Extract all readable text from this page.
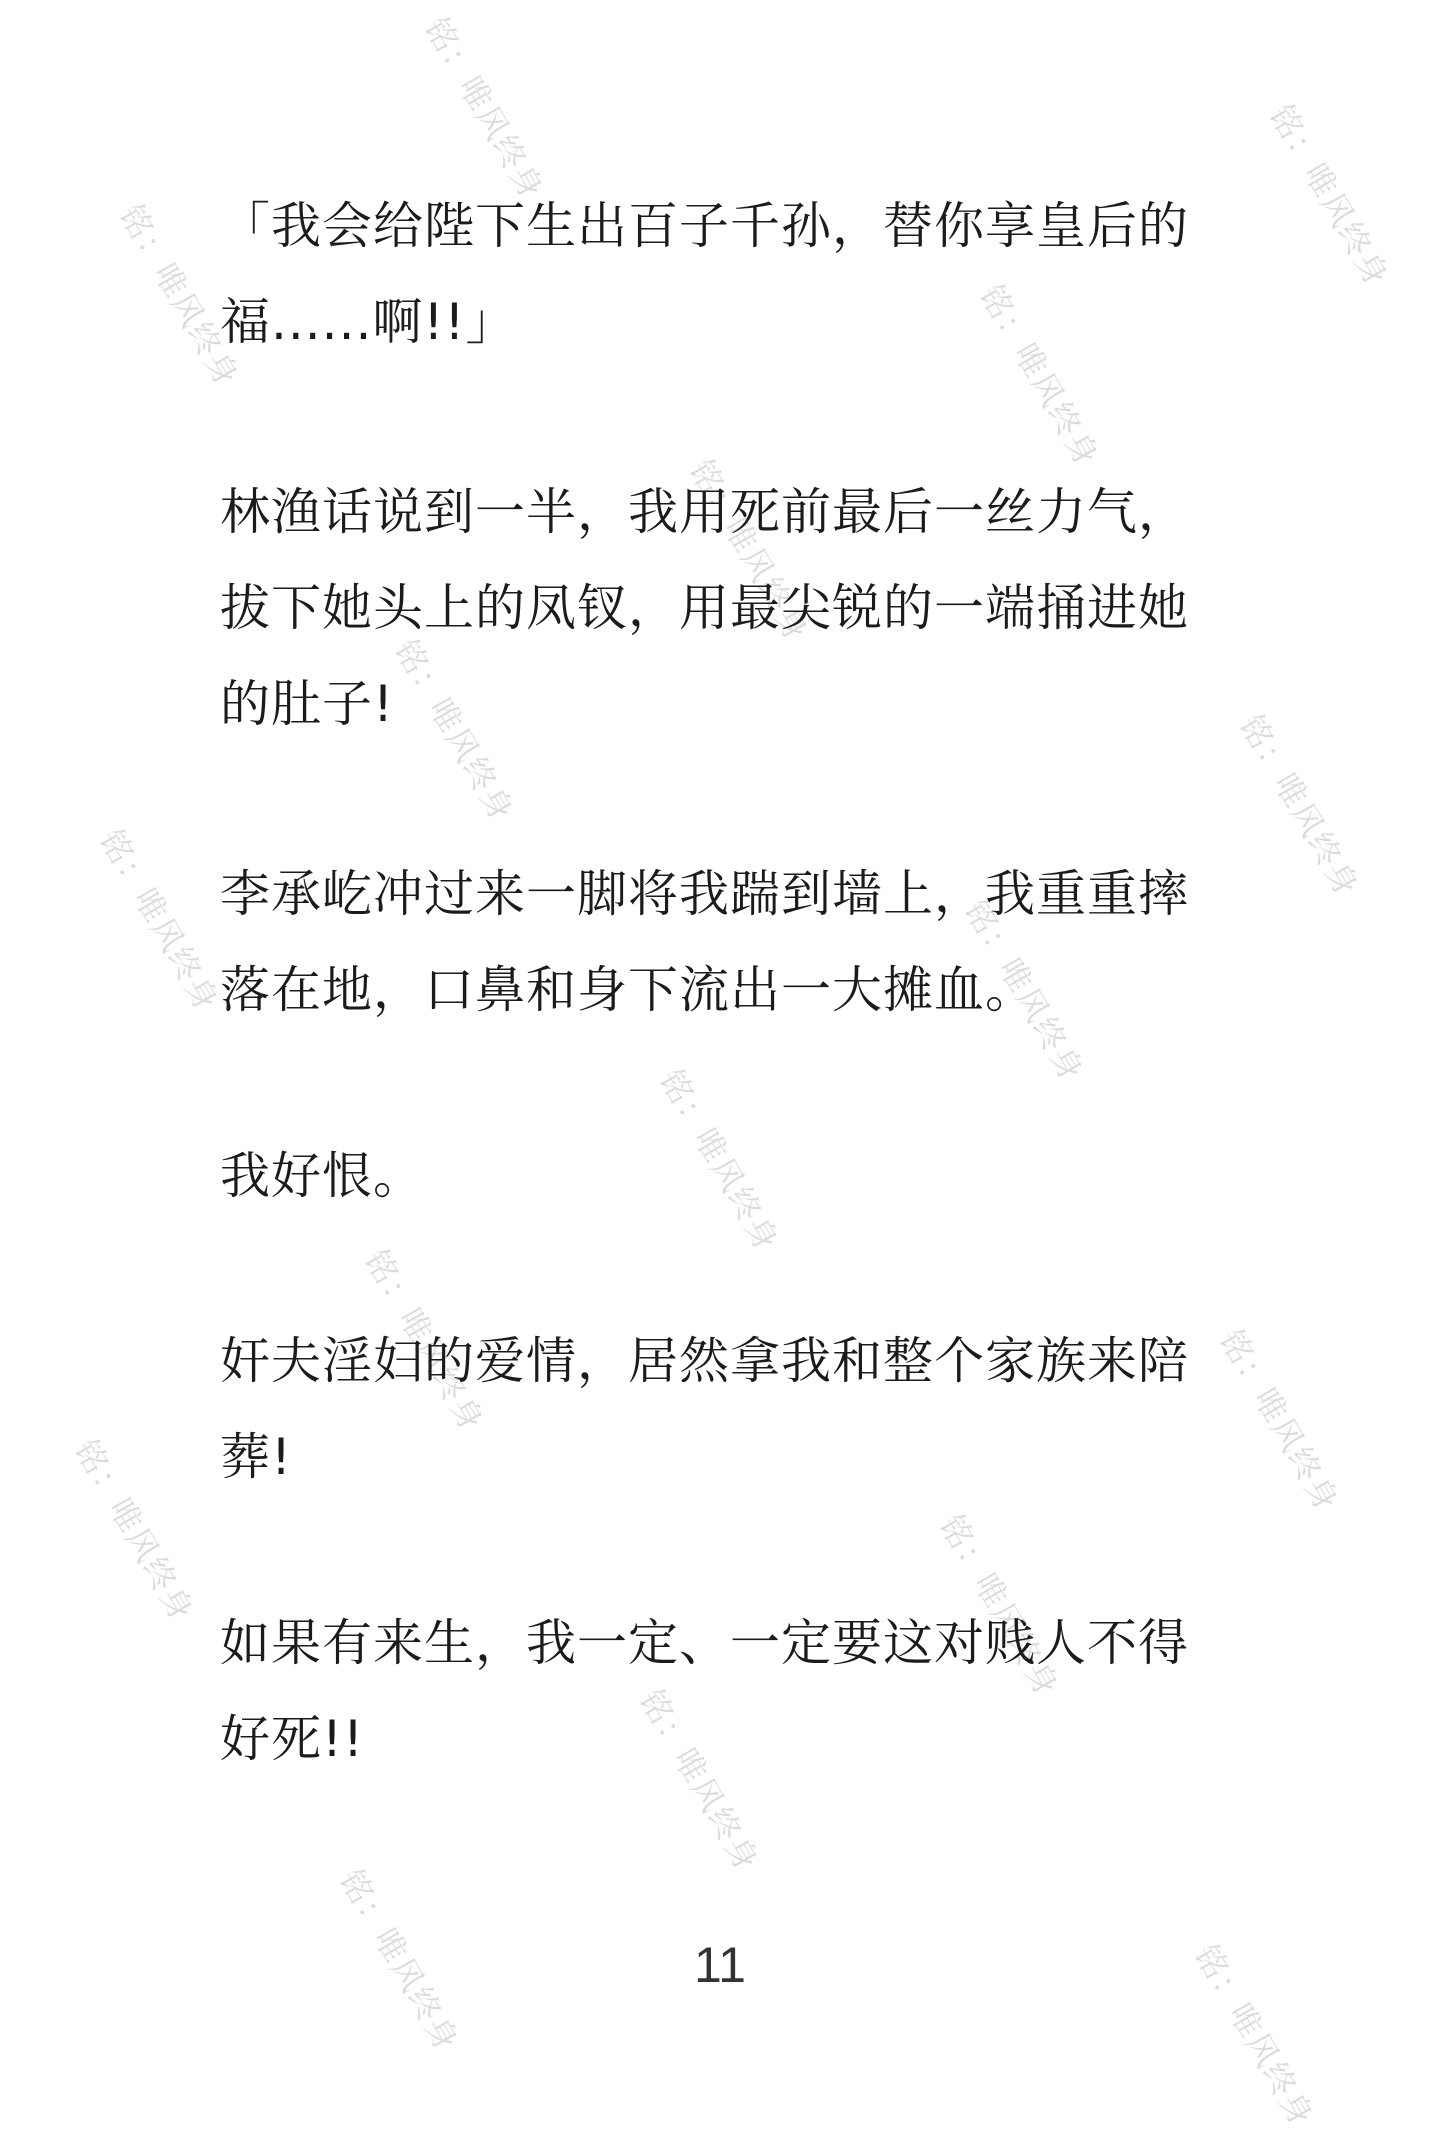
铭：唯风终身	铭：唯风终身
铭：唯风终身	铭：唯风终身
铭：唯风终身
铭：唯风终身	铭：唯风终身
铭：唯风终身	铭：唯风终身
铭：唯风终身
铭：唯风终身	铭：唯风终身
铭：唯风终身	铭：唯风终身
铭：唯风终身
铭：唯风终身	铭：唯风终身

「我会给陛下生出百子千孙，替你享皇后的福......啊!!」

林渔话说到一半，我用死前最后一丝力气，拔下她头上的凤钗，用最尖锐的一端捅进她的肚子!

李承屹冲过来一脚将我踹到墙上，我重重摔落在地，口鼻和身下流出一大摊血。

我好恨。

奸夫淫妇的爱情，居然拿我和整个家族来陪葬!

如果有来生，我一定、一定要这对贱人不得好死!!

11
